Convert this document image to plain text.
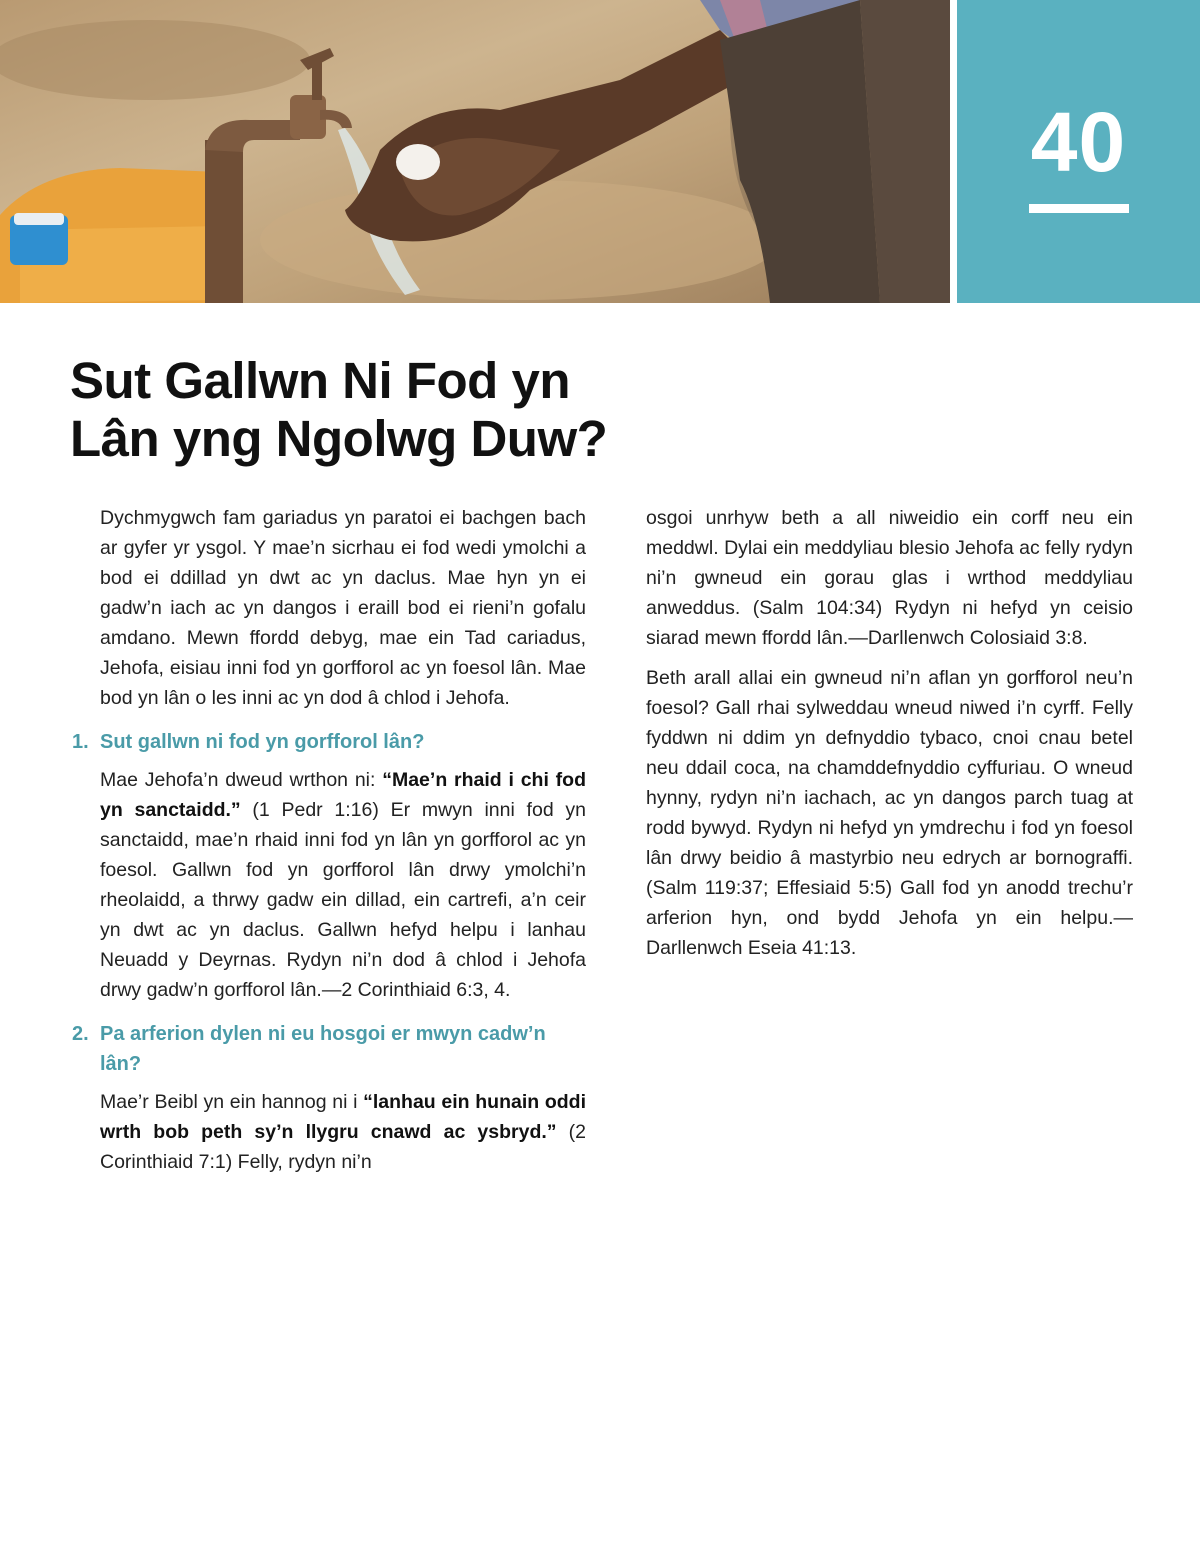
40
Sut Gallwn Ni Fod yn
Lân yng Ngolwg Duw?

Dychmygwch fam gariadus yn paratoi ei bachgen bach ar gyfer yr ysgol. Y mae’n sicrhau ei fod wedi ymolchi a bod ei ddillad yn dwt ac yn daclus. Mae hyn yn ei gadw’n iach ac yn dangos i eraill bod ei rieni’n gofalu amdano. Mewn ffordd debyg, mae ein Tad cariadus, Jehofa, eisiau inni fod yn gorfforol ac yn foesol lân. Mae bod yn lân o les inni ac yn dod â chlod i Jehofa.

1. Sut gallwn ni fod yn gorfforol lân?

Mae Jehofa’n dweud wrthon ni: “Mae’n rhaid i chi fod yn sanctaidd.” (1 Pedr 1:16) Er mwyn inni fod yn sanctaidd, mae’n rhaid inni fod yn lân yn gorfforol ac yn foesol. Gallwn fod yn gorfforol lân drwy ymolchi’n rheolaidd, a thrwy gadw ein dillad, ein cartrefi, a’n ceir yn dwt ac yn daclus. Gallwn hefyd helpu i lanhau Neuadd y Deyrnas. Rydyn ni’n dod â chlod i Jehofa drwy gadw’n gorfforol lân.—2 Corinthiaid 6:3, 4.

2. Pa arferion dylen ni eu hosgoi er mwyn cadw’n lân?

Mae’r Beibl yn ein hannog ni i “lanhau ein hunain oddi wrth bob peth sy’n llygru cnawd ac ysbryd.” (2 Corinthiaid 7:1) Felly, rydyn ni’n

osgoi unrhyw beth a all niweidio ein corff neu ein meddwl. Dylai ein meddyliau blesio Jehofa ac felly rydyn ni’n gwneud ein gorau glas i wrthod meddyliau anweddus. (Salm 104:34) Rydyn ni hefyd yn ceisio siarad mewn ffordd lân.—Darllenwch Colosiaid 3:8.

Beth arall allai ein gwneud ni’n aflan yn gorfforol neu’n foesol? Gall rhai sylweddau wneud niwed i’n cyrff. Felly fyddwn ni ddim yn defnyddio tybaco, cnoi cnau betel neu ddail coca, na chamddefnyddio cyffuriau. O wneud hynny, rydyn ni’n iachach, ac yn dangos parch tuag at rodd bywyd. Rydyn ni hefyd yn ymdrechu i fod yn foesol lân drwy beidio â mastyrbio neu edrych ar bornograffi. (Salm 119:37; Effesiaid 5:5) Gall fod yn anodd trechu’r arferion hyn, ond bydd Jehofa yn ein helpu.—Darllenwch Eseia 41:13.
